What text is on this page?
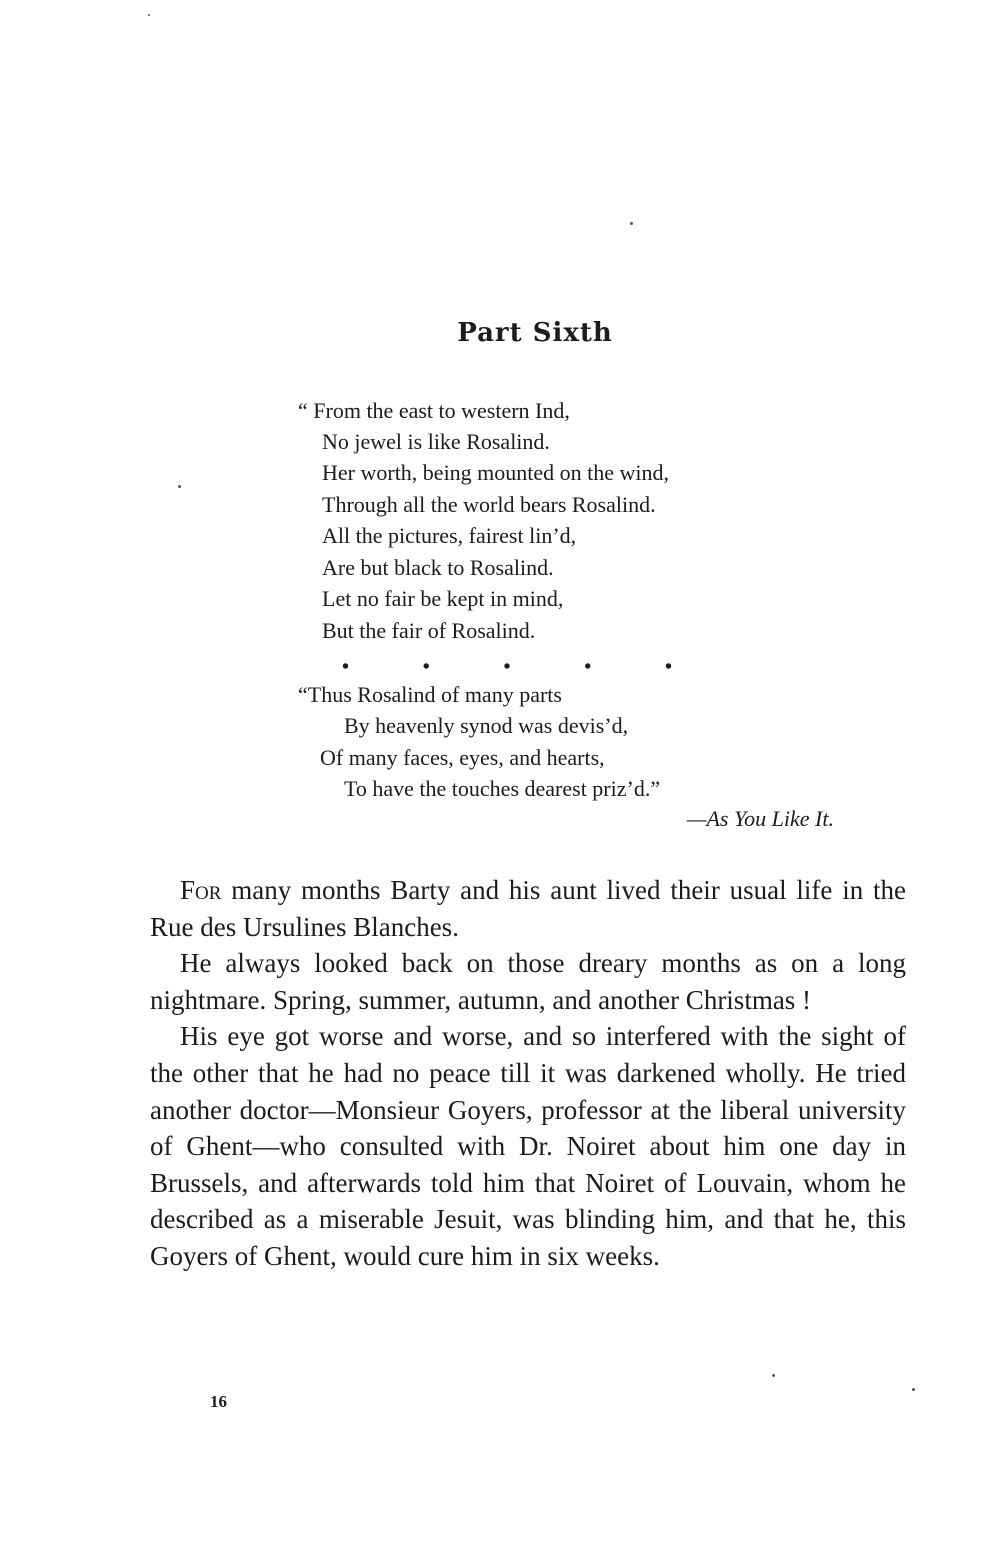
Part Sixth
“ From the east to western Ind,
No jewel is like Rosalind.
Her worth, being mounted on the wind,
Through all the world bears Rosalind.
All the pictures, fairest lin’d,
Are but black to Rosalind.
Let no fair be kept in mind,
But the fair of Rosalind.
•	•	•	•	•
“Thus Rosalind of many parts
By heavenly synod was devis’d,
Of many faces, eyes, and hearts,
To have the touches dearest priz’d.”
—As You Like It.

For many months Barty and his aunt lived their usual life in the Rue des Ursulines Blanches.

He always looked back on those dreary months as on a long nightmare. Spring, summer, autumn, and another Christmas !

His eye got worse and worse, and so interfered with the sight of the other that he had no peace till it was darkened wholly. He tried another doctor—Monsieur Goyers, professor at the liberal university of Ghent—who consulted with Dr. Noiret about him one day in Brussels, and afterwards told him that Noiret of Louvain, whom he described as a miserable Jesuit, was blinding him, and that he, this Goyers of Ghent, would cure him in six weeks.

16
